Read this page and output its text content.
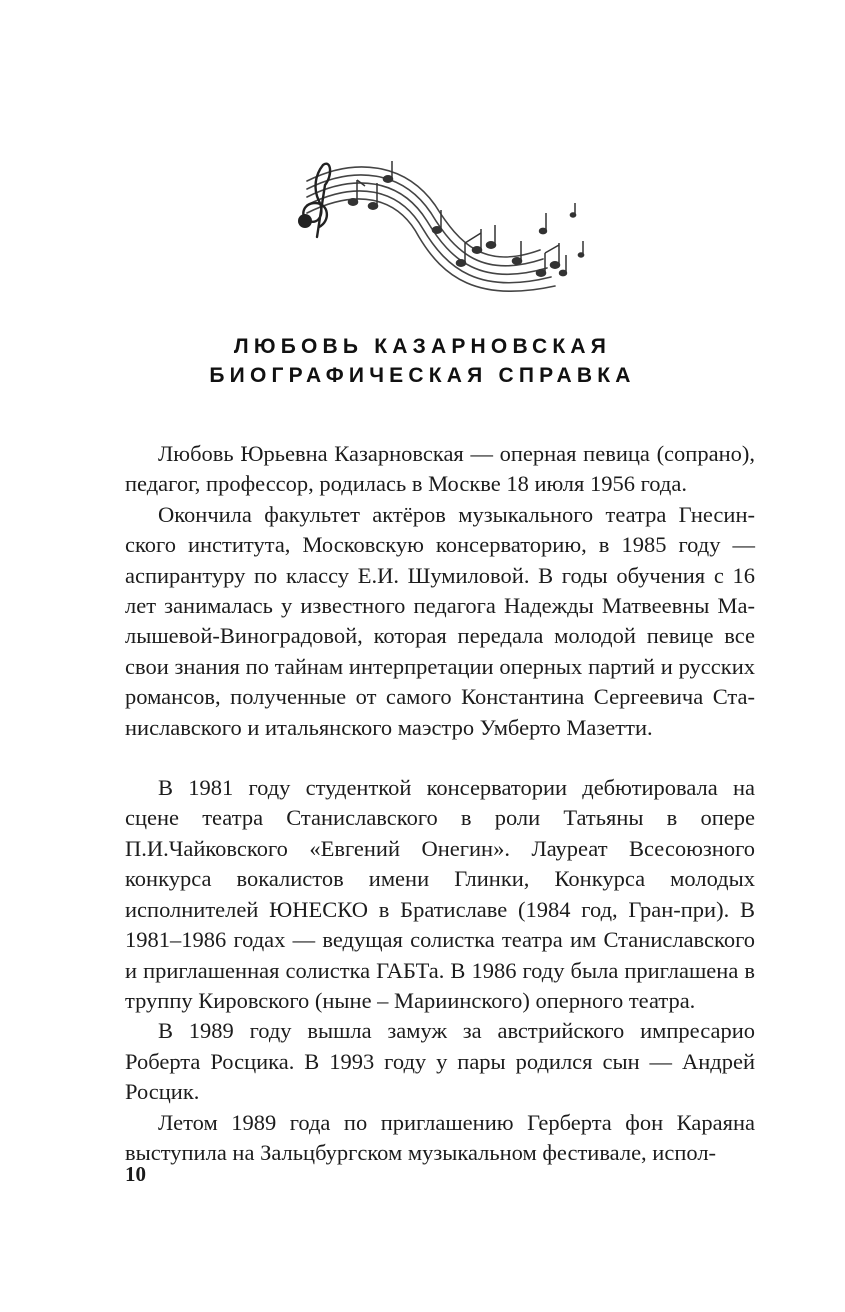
ЛЮБОВЬ КАЗАРНОВСКАЯ
БИОГРАФИЧЕСКАЯ СПРАВКА

Любовь Юрьевна Казарновская — оперная певица (сопрано), педагог, профессор, родилась в Москве 18 июля 1956 года.

Окончила факультет актёров музыкального театра Гнесинского института, Московскую консерваторию, в 1985 году — аспирантуру по классу Е.И. Шумиловой. В годы обучения с 16 лет занималась у известного педагога Надежды Матвеевны Малышевой-Виноградовой, которая передала молодой певице все свои знания по тайнам интерпретации оперных партий и русских романсов, полученные от самого Константина Сергеевича Станиславского и итальянского маэстро Умберто Мазетти.

В 1981 году студенткой консерватории дебютировала на сцене театра Станиславского в роли Татьяны в опере П.И.Чайковского «Евгений Онегин». Лауреат Всесоюзного конкурса вокалистов имени Глинки, Конкурса молодых исполнителей ЮНЕСКО в Братиславе (1984 год, Гран-при). В 1981–1986 годах — ведущая солистка театра им Станиславского и приглашенная солистка ГАБТа. В 1986 году была приглашена в труппу Кировского (ныне – Мариинского) оперного театра.

В 1989 году вышла замуж за австрийского импресарио Роберта Росцика. В 1993 году у пары родился сын — Андрей Росцик.

Летом 1989 года по приглашению Герберта фон Караяна выступила на Зальцбургском музыкальном фестивале, испол-

10
